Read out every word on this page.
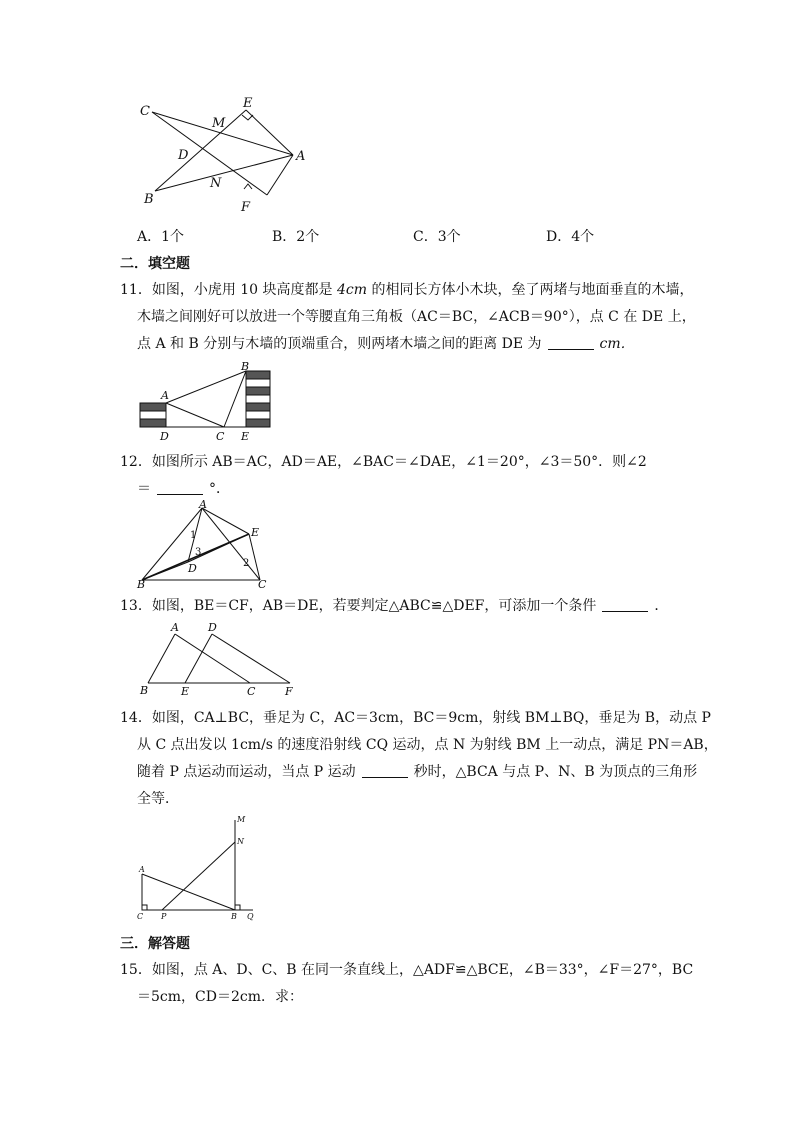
C
E
M
D	A
B
N
F
A．1个	B．2个	C．3个	D．4个
二．填空题
11．如图，小虎用 10 块高度都是 4cm 的相同长方体小木块，垒了两堵与地面垂直的木墙，
木墙之间刚好可以放进一个等腰直角三角板（AC＝BC，∠ACB＝90°），点 C 在 DE 上，
点 A 和 B 分别与木墙的顶端重合，则两堵木墙之间的距离 DE 为	cm．
A
B
D	C E
12．如图所示 AB＝AC，AD＝AE，∠BAC＝∠DAE，∠1＝20°，∠3＝50°．则∠2
＝	°．
A
E
B	C
D
1
3
2
13．如图，BE＝CF，AB＝DE，若要判定△ABC≌△DEF，可添加一个条件	．
A	D
B	E	C	F
14．如图，CA⊥BC，垂足为 C，AC＝3cm，BC＝9cm，射线 BM⊥BQ，垂足为 B，动点 P
从 C 点出发以 1cm/s 的速度沿射线 CQ 运动，点 N 为射线 BM 上一动点，满足 PN＝AB，
随着 P 点运动而运动，当点 P 运动	秒时，△BCA 与点 P、N、B 为顶点的三角形
全等．
M
N
A
C P	B Q
三．解答题
15．如图，点 A、D、C、B 在同一条直线上，△ADF≌△BCE，∠B＝33°，∠F＝27°，BC
＝5cm，CD＝2cm．求：
